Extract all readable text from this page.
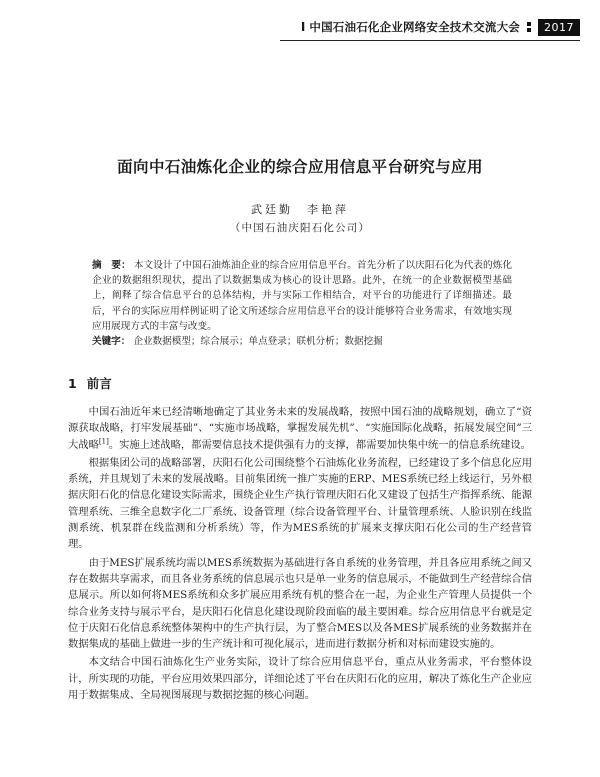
I 中国石油石化企业网络安全技术交流大会	2017
面向中石油炼化企业的综合应用信息平台研究与应用
武廷勤　李艳萍
（中国石油庆阳石化公司）
摘　要： 本文设计了中国石油炼油企业的综合应用信息平台。首先分析了以庆阳石化为代表的炼化企业的数据组织现状，提出了以数据集成为核心的设计思路。此外，在统一的企业数据模型基础上，阐释了综合信息平台的总体结构，并与实际工作相结合，对平台的功能进行了详细描述。最后，平台的实际应用样例证明了论文所述综合应用信息平台的设计能够符合业务需求，有效地实现应用展现方式的丰富与改变。
关键字： 企业数据模型；综合展示；单点登录；联机分析；数据挖掘
1 前言

中国石油近年来已经清晰地确定了其业务未来的发展战略，按照中国石油的战略规划，确立了“资源获取战略，打牢发展基础”、“实施市场战略，掌握发展先机”、“实施国际化战略，拓展发展空间”三大战略[1]。实施上述战略，都需要信息技术提供强有力的支撑，都需要加快集中统一的信息系统建设。

根据集团公司的战略部署，庆阳石化公司围绕整个石油炼化业务流程，已经建设了多个信息化应用系统，并且规划了未来的发展战略。目前集团统一推广实施的ERP、MES系统已经上线运行，另外根据庆阳石化的信息化建设实际需求，围绕企业生产执行管理庆阳石化又建设了包括生产指挥系统、能源管理系统、三维全息数字化二厂系统、设备管理（综合设备管理平台、计量管理系统、人脸识别在线监测系统、机泵群在线监测和分析系统）等，作为MES系统的扩展来支撑庆阳石化公司的生产经营管理。

由于MES扩展系统均需以MES系统数据为基础进行各自系统的业务管理，并且各应用系统之间又存在数据共享需求，而且各业务系统的信息展示也只是单一业务的信息展示，不能做到生产经营综合信息展示。所以如何将MES系统和众多扩展应用系统有机的整合在一起，为企业生产管理人员提供一个综合业务支持与展示平台，是庆阳石化信息化建设现阶段面临的最主要困难。综合应用信息平台就是定位于庆阳石化信息系统整体架构中的生产执行层，为了整合MES以及各MES扩展系统的业务数据并在数据集成的基础上做进一步的生产统计和可视化展示，进而进行数据分析和对标而建设实施的。

本文结合中国石油炼化生产业务实际，设计了综合应用信息平台，重点从业务需求，平台整体设计，所实现的功能，平台应用效果四部分，详细论述了平台在庆阳石化的应用，解决了炼化生产企业应用于数据集成、全局视图展现与数据挖掘的核心问题。
